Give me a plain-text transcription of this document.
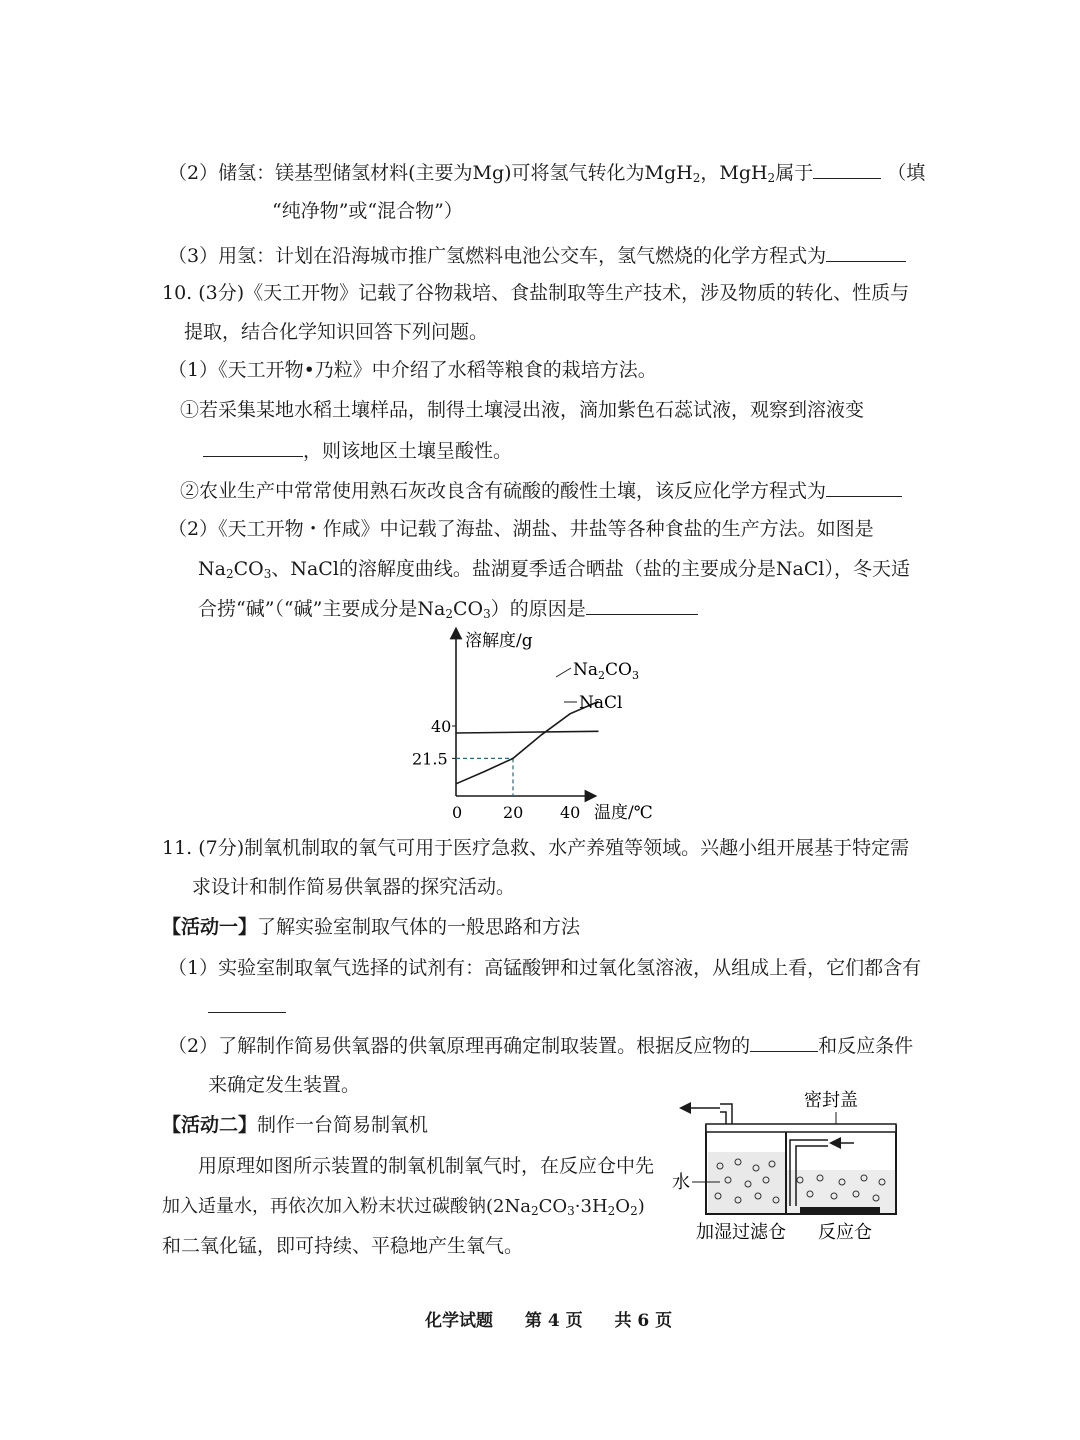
（2）储氢：镁基型储氢材料(主要为Mg)可将氢气转化为MgH$_2$，MgH$_2$属于	（填
“纯净物”或“混合物”）
（3）用氢：计划在沿海城市推广氢燃料电池公交车，氢气燃烧的化学方程式为
10. (3分)《天工开物》记载了谷物栽培、食盐制取等生产技术，涉及物质的转化、性质与
提取，结合化学知识回答下列问题。
（1）《天工开物•乃粒》中介绍了水稻等粮食的栽培方法。
①若采集某地水稻土壤样品，制得土壤浸出液，滴加紫色石蕊试液，观察到溶液变
，则该地区土壤呈酸性。
②农业生产中常常使用熟石灰改良含有硫酸的酸性土壤，该反应化学方程式为
（2）《天工开物・作咸》中记载了海盐、湖盐、井盐等各种食盐的生产方法。如图是
$Na_2CO_3$、NaCl的溶解度曲线。盐湖夏季适合晒盐（盐的主要成分是NaCl），冬天适
合捞“碱”（“碱”主要成分是$Na_2CO_3$）的原因是
溶解度/g
温度/℃
0	20 40
40
21.5
$Na_2CO_3$
NaCl
11. (7分)制氧机制取的氧气可用于医疗急救、水产养殖等领域。兴趣小组开展基于特定需
求设计和制作简易供氧器的探究活动。
【活动一】了解实验室制取气体的一般思路和方法
（1）实验室制取氧气选择的试剂有：高锰酸钾和过氧化氢溶液，从组成上看，它们都含有
（2）了解制作简易供氧器的供氧原理再确定制取装置。根据反应物的	和反应条件
来确定发生装置。
【活动二】制作一台简易制氧机
用原理如图所示装置的制氧机制氧气时，在反应仓中先
加入适量水，再依次加入粉末状过碳酸钠$(2Na_2CO_3\cdot 3H_2O_2)$
和二氧化锰，即可持续、平稳地产生氧气。
密封盖
水
加湿过滤仓 反应仓
化学试题 第 4 页 共 6 页
